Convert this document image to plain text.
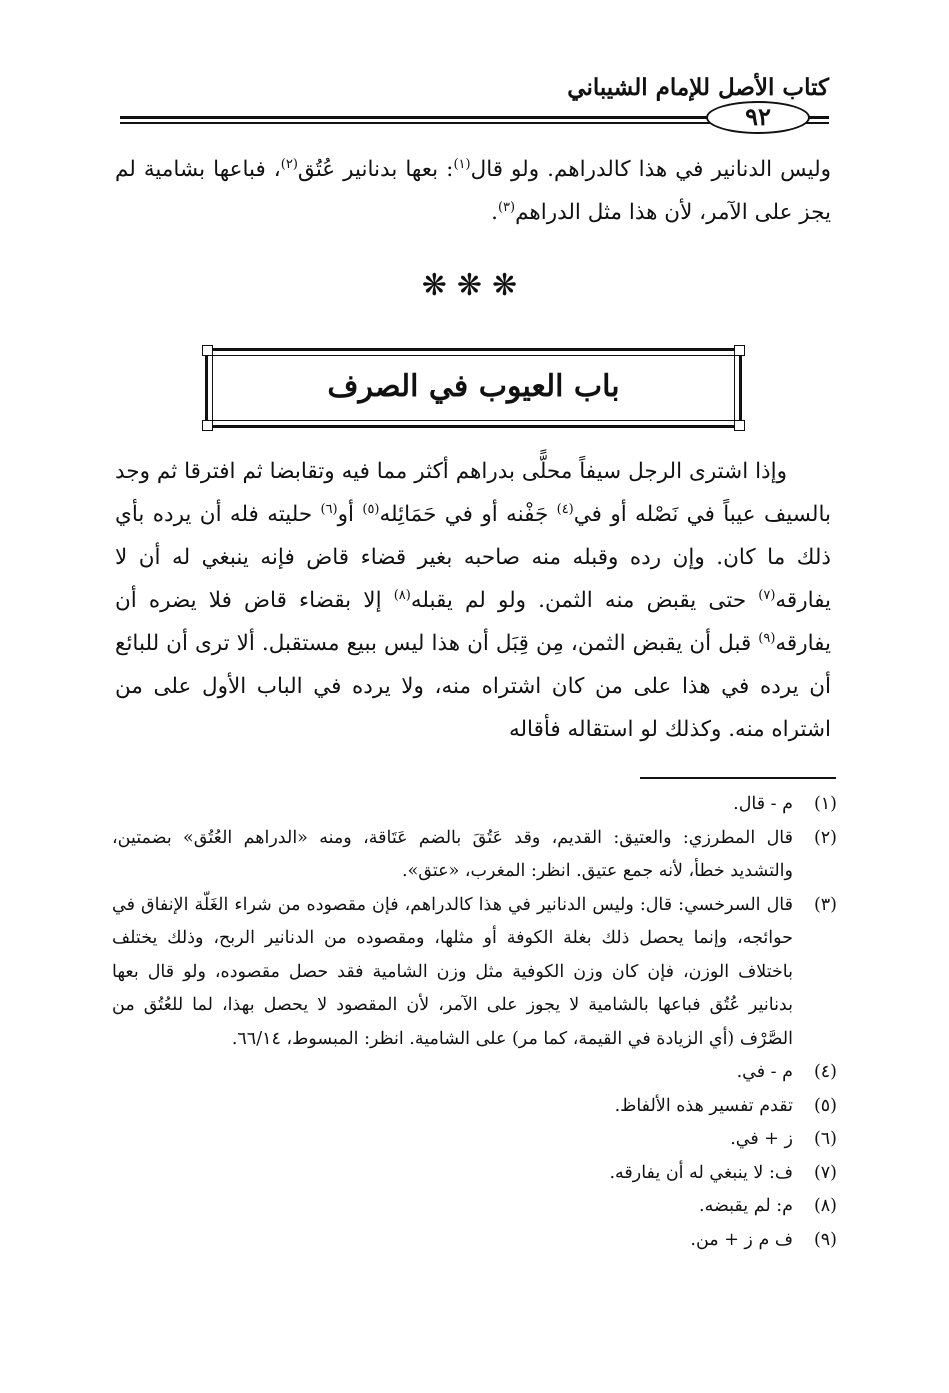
كتاب الأصل للإمام الشيباني
٩٢

وليس الدنانير في هذا كالدراهم. ولو قال$^{(١)}$: بعها بدنانير عُتُق$^{(٢)}$، فباعها بشامية لم يجز على الآمر، لأن هذا مثل الدراهم$^{(٣)}$.

❋❋❋
باب العيوب في الصرف

وإذا اشترى الرجل سيفاً محلًّى بدراهم أكثر مما فيه وتقابضا ثم افترقا ثم وجد بالسيف عيباً في نَصْله أو في$^{(٤)}$ جَفْنه أو في حَمَائِله$^{(٥)}$ أو$^{(٦)}$ حليته فله أن يرده بأي ذلك ما كان. وإن رده وقبله منه صاحبه بغير قضاء قاض فإنه ينبغي له أن لا يفارقه$^{(٧)}$ حتى يقبض منه الثمن. ولو لم يقبله$^{(٨)}$ إلا بقضاء قاض فلا يضره أن يفارقه$^{(٩)}$ قبل أن يقبض الثمن، مِن قِبَل أن هذا ليس ببيع مستقبل. ألا ترى أن للبائع أن يرده في هذا على من كان اشتراه منه، ولا يرده في الباب الأول على من اشتراه منه. وكذلك لو استقاله فأقاله

(١)
م - قال.
(٢)
قال المطرزي: والعتيق: القديم، وقد عَتُقَ بالضم عَتَاقة، ومنه «الدراهم العُتُق» بضمتين، والتشديد خطأ، لأنه جمع عتيق. انظر: المغرب، «عتق».
(٣)
قال السرخسي: قال: وليس الدنانير في هذا كالدراهم، فإن مقصوده من شراء الغَلّة الإنفاق في حوائجه، وإنما يحصل ذلك بغلة الكوفة أو مثلها، ومقصوده من الدنانير الربح، وذلك يختلف باختلاف الوزن، فإن كان وزن الكوفية مثل وزن الشامية فقد حصل مقصوده، ولو قال بعها بدنانير عُتُق فباعها بالشامية لا يجوز على الآمر، لأن المقصود لا يحصل بهذا، لما للعُتُق من الصَّرْف (أي الزيادة في القيمة، كما مر) على الشامية. انظر: المبسوط، ٦٦/١٤.
(٤)
م - في.
(٥)
تقدم تفسير هذه الألفاظ.
(٦)
ز + في.
(٧)
ف: لا ينبغي له أن يفارقه.
(٨)
م: لم يقبضه.
(٩)
ف م ز + من.
